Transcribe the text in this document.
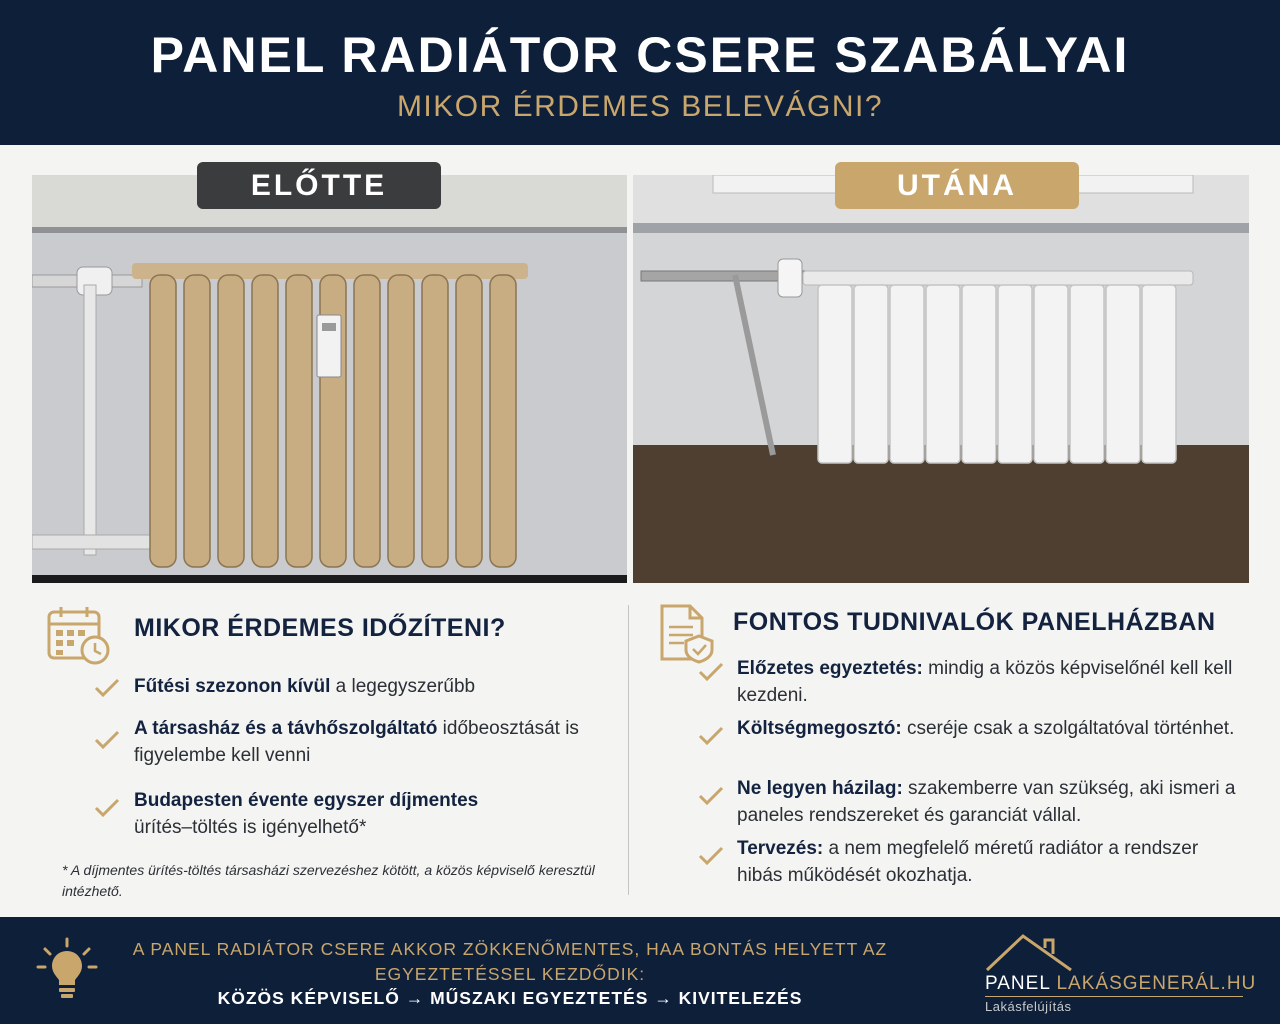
PANEL RADIÁTOR CSERE SZABÁLYAI
MIKOR ÉRDEMES BELEVÁGNI?
ELŐTTE	UTÁNA
MIKOR ÉRDEMES IDŐZÍTENI?
Fűtési szezonon kívül a legegyszerűbb
A társasház és a távhőszolgáltató időbeosztását is figyelembe kell venni
Budapesten évente egyszer díjmentes ürítés–töltés is igényelhető*
* A díjmentes ürítés-töltés társasházi szervezéshez kötött, a közös képviselő keresztül intézhető.
FONTOS TUDNIVALÓK PANELHÁZBAN
Előzetes egyeztetés: mindig a közös képviselőnél kell kell kezdeni.
Költségmegosztó: cseréje csak a szolgáltatóval történhet.
Ne legyen házilag: szakemberre van szükség, aki ismeri a paneles rendszereket és garanciát vállal.
Tervezés: a nem megfelelő méretű radiátor a rendszer hibás működését okozhatja.
A PANEL RADIÁTOR CSERE AKKOR ZÖKKENŐMENTES, HAA BONTÁS HELYETT AZ EGYEZTETÉSSEL KEZDŐDIK:
KÖZÖS KÉPVISELŐ → MŰSZAKI EGYEZTETÉS → KIVITELEZÉS
PANEL LAKÁSGENERÁL.HU
Lakásfelújítás
